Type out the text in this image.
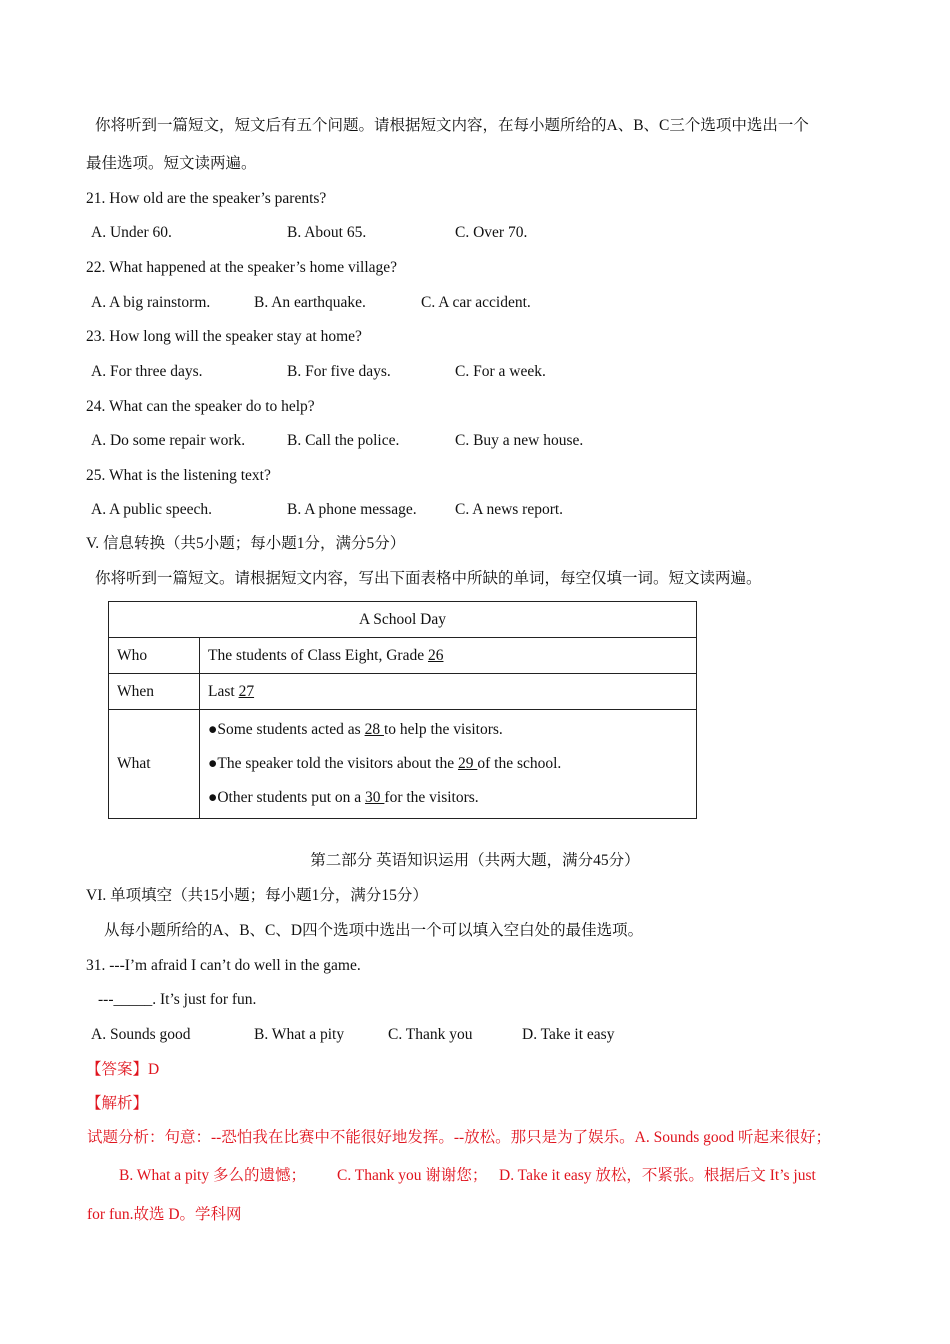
你将听到一篇短文，短文后有五个问题。请根据短文内容，在每小题所给的A、B、C三个选项中选出一个
最佳选项。短文读两遍。
21. How old are the speaker’s parents?
A. Under 60.	B. About 65.	C. Over 70.
22. What happened at the speaker’s home village?
A. A big rainstorm.	B. An earthquake.	C. A car accident.
23. How long will the speaker stay at home?
A. For three days.	B. For five days.	C. For a week.
24. What can the speaker do to help?
A. Do some repair work.	B. Call the police.	C. Buy a new house.
25. What is the listening text?
A. A public speech.	B. A phone message. C. A news report.
V. 信息转换（共5小题；每小题1分，满分5分）
你将听到一篇短文。请根据短文内容，写出下面表格中所缺的单词，每空仅填一词。短文读两遍。
A School Day	
Who	The students of Class Eight, Grade 26
When	Last 27
What	●Some students acted as 28 to help the visitors.
●The speaker told the visitors about the 29 of the school.
●Other students put on a 30 for the visitors.
第二部分 英语知识运用（共两大题，满分45分）
VI. 单项填空（共15小题；每小题1分，满分15分）
从每小题所给的A、B、C、D四个选项中选出一个可以填入空白处的最佳选项。
31. ---I’m afraid I can’t do well in the game.
---_____. It’s just for fun.
A. Sounds good	B. What a pity	C. Thank you	D. Take it easy
【答案】D
【解析】
试题分析：句意：--恐怕我在比赛中不能很好地发挥。--放松。那只是为了娱乐。A. Sounds good 听起来很好；
B. What a pity 多么的遗憾；        C. Thank you 谢谢您；   D. Take it easy 放松，不紧张。根据后文 It’s just
for fun.故选 D。学科网
